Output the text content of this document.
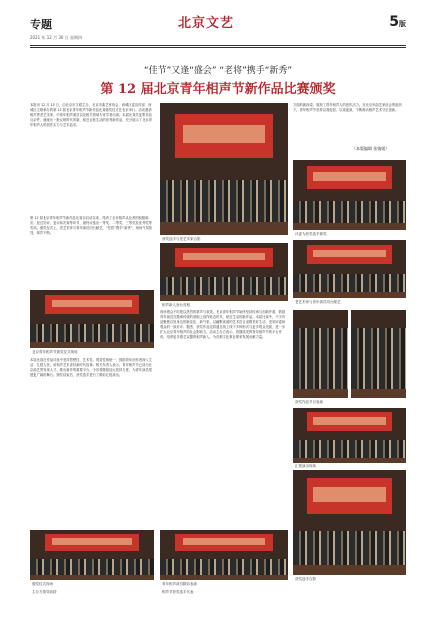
专题
2021 年 12 月 30 日 星期四
北京文艺	5版
“佳节”又逢“盛会” “老将”携手“新秀”
第 12 届北京青年相声节新作品比赛颁奖
本报讯 12 月 15 日，由北京市文联主办，北京市曲艺家协会、西城区委宣传部、西城区文联承办的第 12 届北京青年相声节新作品比赛颁奖仪式在北京举行。活动邀请相声界老艺术家、中青年相声演员以及相关领域专家学者出席。本届比赛共征集作品百余件，涌现出一批反映时代风貌、贴近百姓生活的优秀新作品，充分展示了北京青年相声人的创作实力与艺术追求。
第 12 届北京青年相声节新作品比赛自启动以来，得到了全市相声从业者的积极响应。经过初评、复评和决赛等环节，最终评选出一等奖、二等奖、三等奖及优秀奖等奖项。颁奖仪式上，老艺术家与青年演员同台献艺，“老将”携手“新秀”，现场气氛热烈，掌声不断。
北京青年相声节颁奖仪式现场
本届比赛在作品评选中坚持思想性、艺术性、观赏性相统一，鼓励青年创作者深入生活、扎根人民，用相声艺术讲好新时代故事。相关负责人表示，青年相声节已成为北京曲艺界发现人才、推出新作的重要平台，今后将继续加大扶持力度，为青年演员搭建更广阔的舞台。颁奖结束后，获奖选手进行了精彩汇报演出。
获奖选手与老艺术家合影
相声新人登台亮相
方面的新探索，展现了青年相声人的创作活力。在北京市曲艺家协会的组织下，青年相声节坚持以赛促创、以赛促演，不断推动相声艺术守正创新。
（本版编辑 张婧媛）
评委为获奖选手颁奖
老艺术家与青年演员同台献艺
现场观众不时报以热烈的掌声与欢笑。北京青年相声节始终坚持传承与创新并重，鼓励青年演员在继承传统的基础上创作贴近时代、贴近生活的新作品。本届比赛中，不少作品聚焦百姓身边的新变化、新气象，以幽默诙谐的艺术语言讴歌美好生活，受到评委和观众的一致好评。据悉，获奖作品还将通过线上线下多种形式与更多观众见面，进一步扩大北京青年相声的社会影响力。活动主办方表示，将继续发挥青年相声节的平台作用，培养更多德艺双馨的相声新人，为首都文化事业繁荣发展贡献力量。
获奖作品节目表演
获奖选手合影
颁奖仪式现场	青年相声演员精彩表演
汇报演出现场
主办方领导致辞	相声节获奖选手代表
